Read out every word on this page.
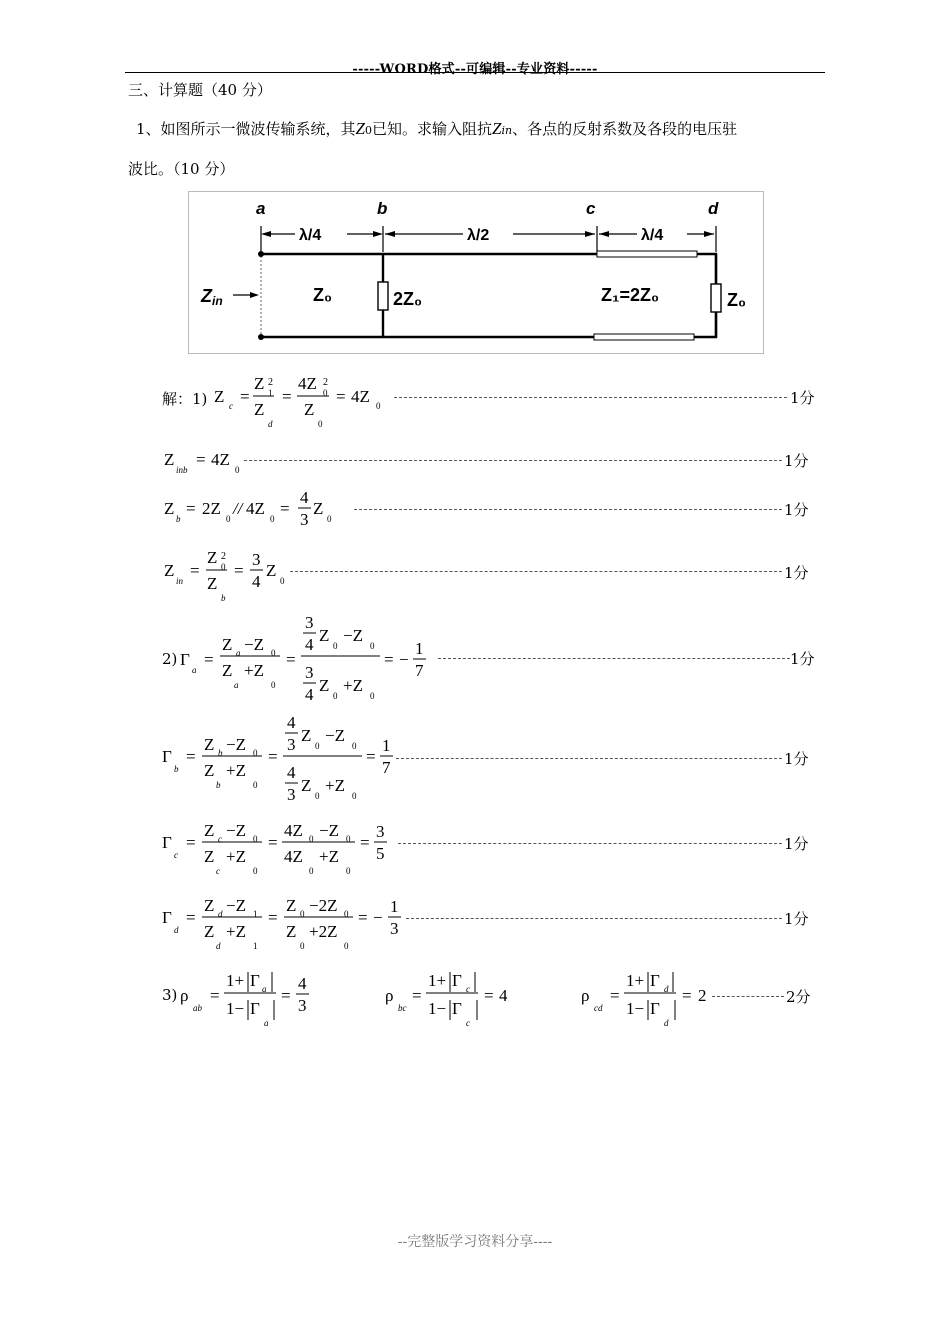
-----WORD格式--可编辑--专业资料-----
三、计算题（40 分）
1、如图所示一微波传输系统，其Z0已知。求输入阻抗Zin、各点的反射系数及各段的电压驻
波比。（10 分）
a	b	c	d
λ/4	λ/2	λ/4
Zin	Z₀	2Z₀	Z₁=2Z₀	Z₀
解：1) Z c =
Z 2
1
Z
d
=
4Z 2
0
Z
0
= 4Z 0	1分
Z
inb
= 4Z
0	1分
Z
b
= 2Z
0
// 4Z
0
=
4
3
Z
0	1分
Z
in
=
Z 2
0
Z
b
=
3
4
Z
0	1分
2) Γ
a
=
Z a −Z 0
Z
a
+Z
0
=
3
4 Z
0
−Z
0
3
4 Z
0
+Z
0
= −
1
7
1分
Γ
b
=
Z b −Z 0
Z
b
+Z
0
=
4
3 Z
0
−Z
0
4
3 Z
0
+Z
0
=
1
7	1分
Γ
c
=
Z c −Z 0
Z
c
+Z
0
=
4Z 0 −Z 0
4Z
0
+Z
0
=
3
5	1分
Γ
d
=
Z d −Z 1
Z
d
+Z
1
=
Z 0 −2Z 0
Z
0
+2Z
0
= −
1
3	1分
3) ρ
ab
=
1+ Γ a
1− Γ
a
=
4
3
ρ
bc
=
1+ Γ c
1− Γ
c
= 4	ρ
cd
=
1+ Γ d
1− Γ
d
= 2	2分
--完整版学习资料分享----
